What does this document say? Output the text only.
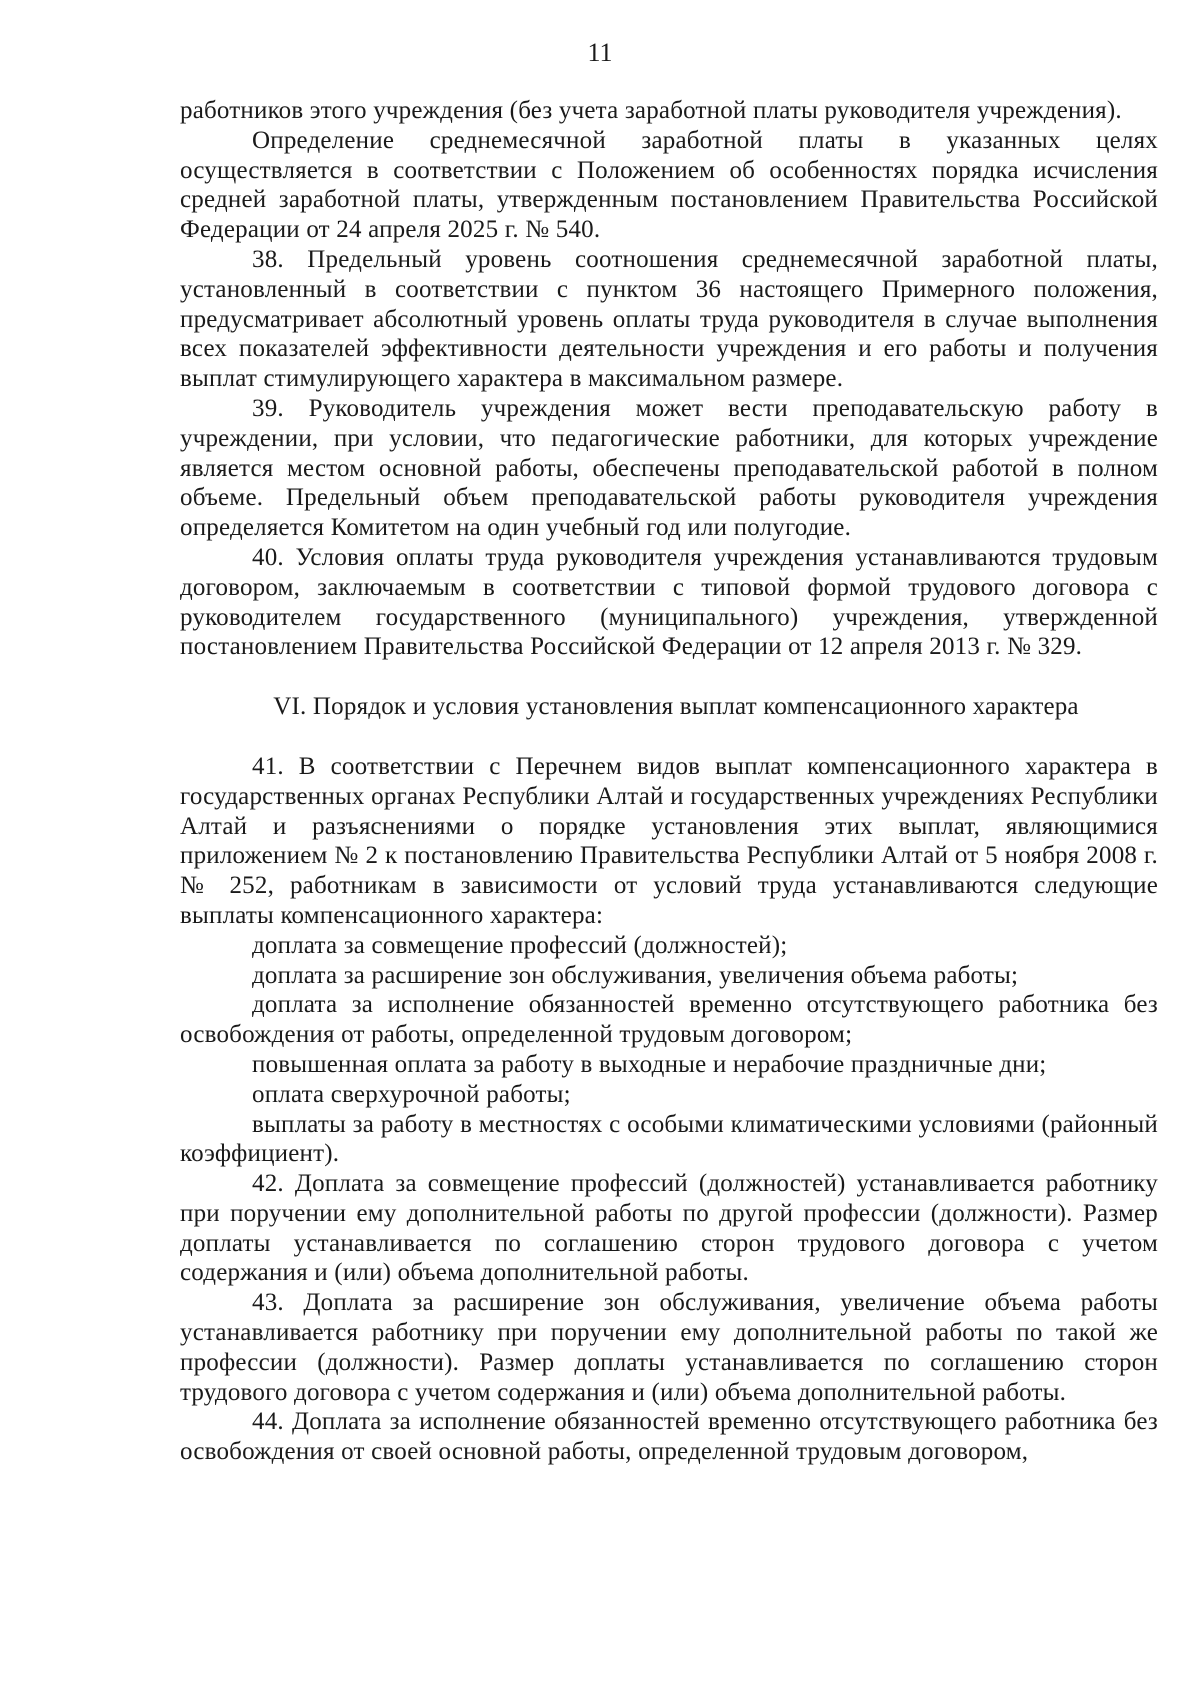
11

работников этого учреждения (без учета заработной платы руководителя учреждения).

Определение среднемесячной заработной платы в указанных целях осуществляется в соответствии с Положением об особенностях порядка исчисления средней заработной платы, утвержденным постановлением Правительства Российской Федерации от 24 апреля 2025 г. № 540.

38. Предельный уровень соотношения среднемесячной заработной платы, установленный в соответствии с пунктом 36 настоящего Примерного положения, предусматривает абсолютный уровень оплаты труда руководителя в случае выполнения всех показателей эффективности деятельности учреждения и его работы и получения выплат стимулирующего характера в максимальном размере.

39. Руководитель учреждения может вести преподавательскую работу в учреждении, при условии, что педагогические работники, для которых учреждение является местом основной работы, обеспечены преподавательской работой в полном объеме. Предельный объем преподавательской работы руководителя учреждения определяется Комитетом на один учебный год или полугодие.

40. Условия оплаты труда руководителя учреждения устанавливаются трудовым договором, заключаемым в соответствии с типовой формой трудового договора с руководителем государственного (муниципального) учреждения, утвержденной постановлением Правительства Российской Федерации от 12 апреля 2013 г. № 329.

VI. Порядок и условия установления выплат компенсационного характера

41. В соответствии с Перечнем видов выплат компенсационного характера в государственных органах Республики Алтай и государственных учреждениях Республики Алтай и разъяснениями о порядке установления этих выплат, являющимися приложением № 2 к постановлению Правительства Республики Алтай от 5 ноября 2008 г. № 252, работникам в зависимости от условий труда устанавливаются следующие выплаты компенсационного характера:

доплата за совмещение профессий (должностей);

доплата за расширение зон обслуживания, увеличения объема работы;

доплата за исполнение обязанностей временно отсутствующего работника без освобождения от работы, определенной трудовым договором;

повышенная оплата за работу в выходные и нерабочие праздничные дни;

оплата сверхурочной работы;

выплаты за работу в местностях с особыми климатическими условиями (районный коэффициент).

42. Доплата за совмещение профессий (должностей) устанавливается работнику при поручении ему дополнительной работы по другой профессии (должности). Размер доплаты устанавливается по соглашению сторон трудового договора с учетом содержания и (или) объема дополнительной работы.

43. Доплата за расширение зон обслуживания, увеличение объема работы устанавливается работнику при поручении ему дополнительной работы по такой же профессии (должности). Размер доплаты устанавливается по соглашению сторон трудового договора с учетом содержания и (или) объема дополнительной работы.

44. Доплата за исполнение обязанностей временно отсутствующего работника без освобождения от своей основной работы, определенной трудовым договором,
